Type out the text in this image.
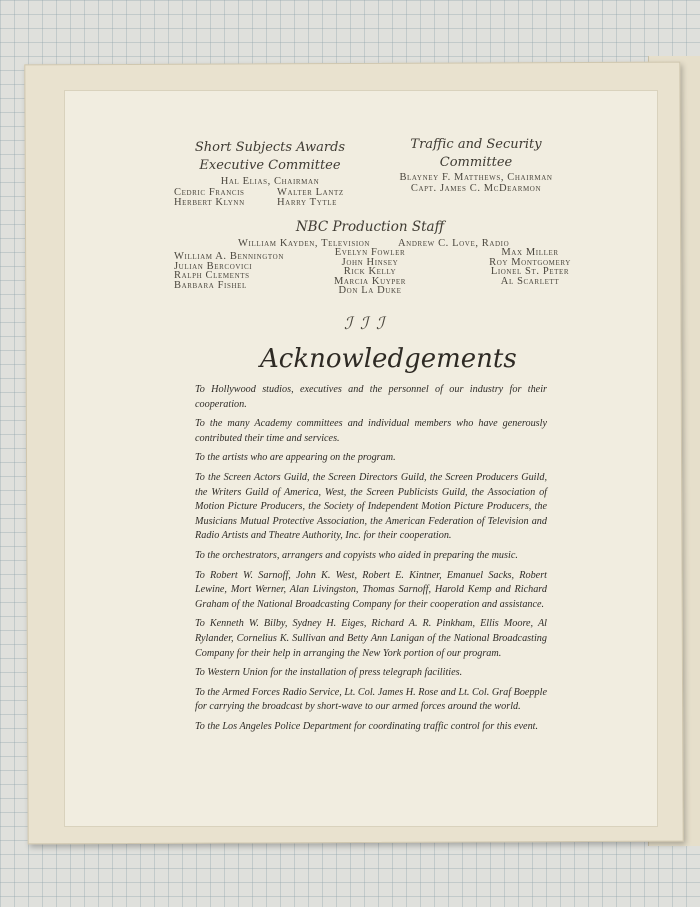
Short Subjects Awards
Executive Committee
Hal Elias, Chairman
Cedric Francis
Herbert Klynn
Walter Lantz
Harry Tytle
Traffic and Security
Committee
Blayney F. Matthews, Chairman
Capt. James C. McDearmon
NBC Production Staff
William Kayden, Television	Andrew C. Love, Radio
William A. Bennington
Julian Bercovici
Ralph Clements
Barbara Fishel
Evelyn Fowler
John Hinsey
Rick Kelly
Marcia Kuyper
Don La Duke
Max Miller
Roy Montgomery
Lionel St. Peter
Al Scarlett
ℐℐℐ
Acknowledgements

To Hollywood studios, executives and the personnel of our industry for their cooperation.

To the many Academy committees and individual members who have generously contributed their time and services.

To the artists who are appearing on the program.

To the Screen Actors Guild, the Screen Directors Guild, the Screen Producers Guild, the Writers Guild of America, West, the Screen Publicists Guild, the Association of Motion Picture Producers, the Society of Independent Motion Picture Producers, the Musicians Mutual Protective Association, the American Federation of Television and Radio Artists and Theatre Authority, Inc. for their cooperation.

To the orchestrators, arrangers and copyists who aided in preparing the music.

To Robert W. Sarnoff, John K. West, Robert E. Kintner, Emanuel Sacks, Robert Lewine, Mort Werner, Alan Livingston, Thomas Sarnoff, Harold Kemp and Richard Graham of the National Broadcasting Company for their cooperation and assistance.

To Kenneth W. Bilby, Sydney H. Eiges, Richard A. R. Pinkham, Ellis Moore, Al Rylander, Cornelius K. Sullivan and Betty Ann Lanigan of the National Broadcasting Company for their help in arranging the New York portion of our program.

To Western Union for the installation of press telegraph facilities.

To the Armed Forces Radio Service, Lt. Col. James H. Rose and Lt. Col. Graf Boepple for carrying the broadcast by short-wave to our armed forces around the world.

To the Los Angeles Police Department for coordinating traffic control for this event.
